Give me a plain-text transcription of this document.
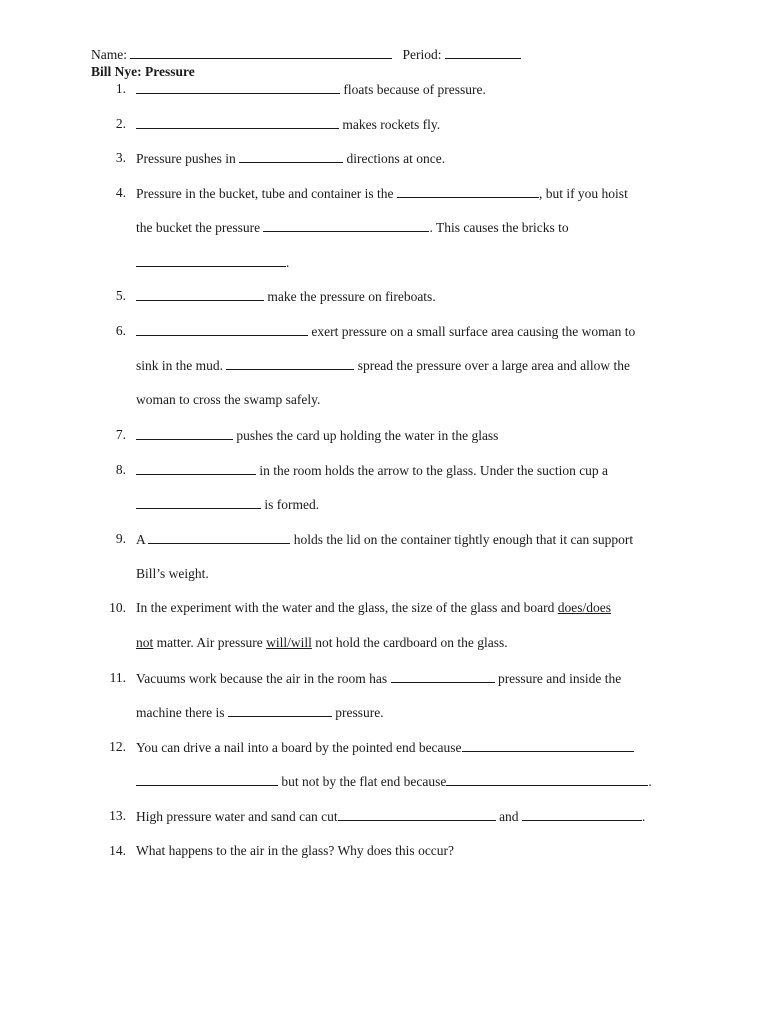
Name:	Period:
Bill Nye: Pressure
1.	floats because of pressure.
2.	makes rockets fly.
3. Pressure pushes in	directions at once.
4. Pressure in the bucket, tube and container is the	, but if you hoist
the bucket the pressure	. This causes the bricks to
.
5.	make the pressure on fireboats.
6.	exert pressure on a small surface area causing the woman to
sink in the mud.	spread the pressure over a large area and allow the
woman to cross the swamp safely.
7.	pushes the card up holding the water in the glass
8.	in the room holds the arrow to the glass. Under the suction cup a
is formed.
9. A	holds the lid on the container tightly enough that it can support
Bill’s weight.
10. In the experiment with the water and the glass, the size of the glass and board does/does
not matter. Air pressure will/will not hold the cardboard on the glass.
11. Vacuums work because the air in the room has	pressure and inside the
machine there is	pressure.
12. You can drive a nail into a board by the pointed end because
but not by the flat end because	.
13. High pressure water and sand can cut	and	.
14. What happens to the air in the glass? Why does this occur?
